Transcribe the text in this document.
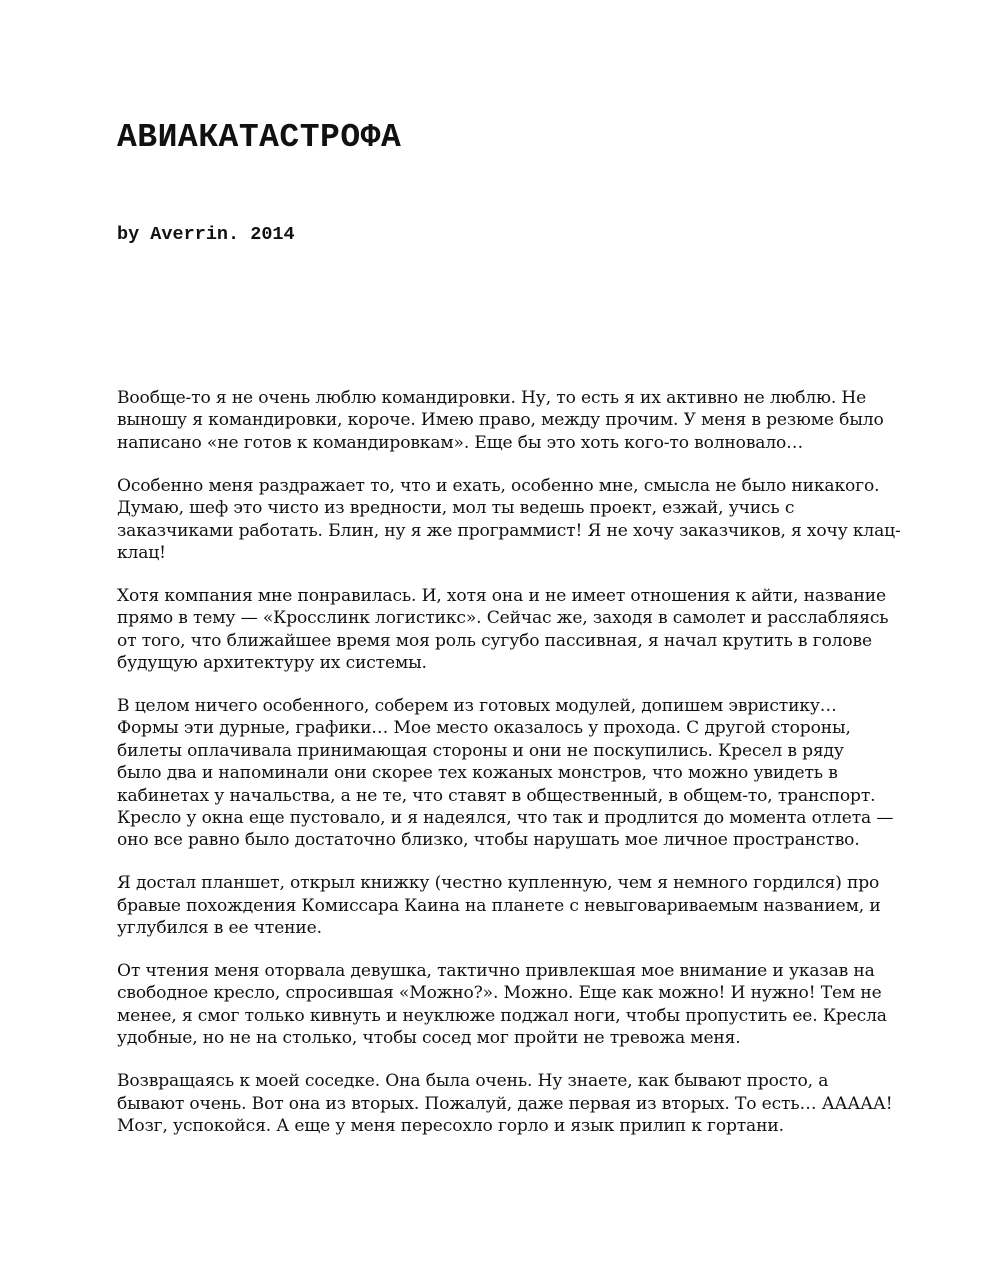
АВИАКАТАСТРОФА

by Averrin. 2014

Вообще-то я не очень люблю командировки. Ну, то есть я их активно не люблю. Не
выношу я командировки, короче. Имею право, между прочим. У меня в резюме было
написано «не готов к командировкам». Еще бы это хоть кого-то волновало…

Особенно меня раздражает то, что и ехать, особенно мне, смысла не было никакого.
Думаю, шеф это чисто из вредности, мол ты ведешь проект, езжай, учись с
заказчиками работать. Блин, ну я же программист! Я не хочу заказчиков, я хочу клац-
клац!

Хотя компания мне понравилась. И, хотя она и не имеет отношения к айти, название
прямо в тему — «Кросслинк логистикс». Сейчас же, заходя в самолет и расслабляясь
от того, что ближайшее время моя роль сугубо пассивная, я начал крутить в голове
будущую архитектуру их системы.

В целом ничего особенного, соберем из готовых модулей, допишем эвристику…
Формы эти дурные, графики… Мое место оказалось у прохода. С другой стороны,
билеты оплачивала принимающая стороны и они не поскупились. Кресел в ряду
было два и напоминали они скорее тех кожаных монстров, что можно увидеть в
кабинетах у начальства, а не те, что ставят в общественный, в общем-то, транспорт.
Кресло у окна еще пустовало, и я надеялся, что так и продлится до момента отлета —
оно все равно было достаточно близко, чтобы нарушать мое личное пространство.

Я достал планшет, открыл книжку (честно купленную, чем я немного гордился) про
бравые похождения Комиссара Каина на планете с невыговариваемым названием, и
углубился в ее чтение.

От чтения меня оторвала девушка, тактично привлекшая мое внимание и указав на
свободное кресло, спросившая «Можно?». Можно. Еще как можно! И нужно! Тем не
менее, я смог только кивнуть и неуклюже поджал ноги, чтобы пропустить ее. Кресла
удобные, но не на столько, чтобы сосед мог пройти не тревожа меня.

Возвращаясь к моей соседке. Она была очень. Ну знаете, как бывают просто, а
бывают очень. Вот она из вторых. Пожалуй, даже первая из вторых. То есть… ААААА!
Мозг, успокойся. А еще у меня пересохло горло и язык прилип к гортани.
